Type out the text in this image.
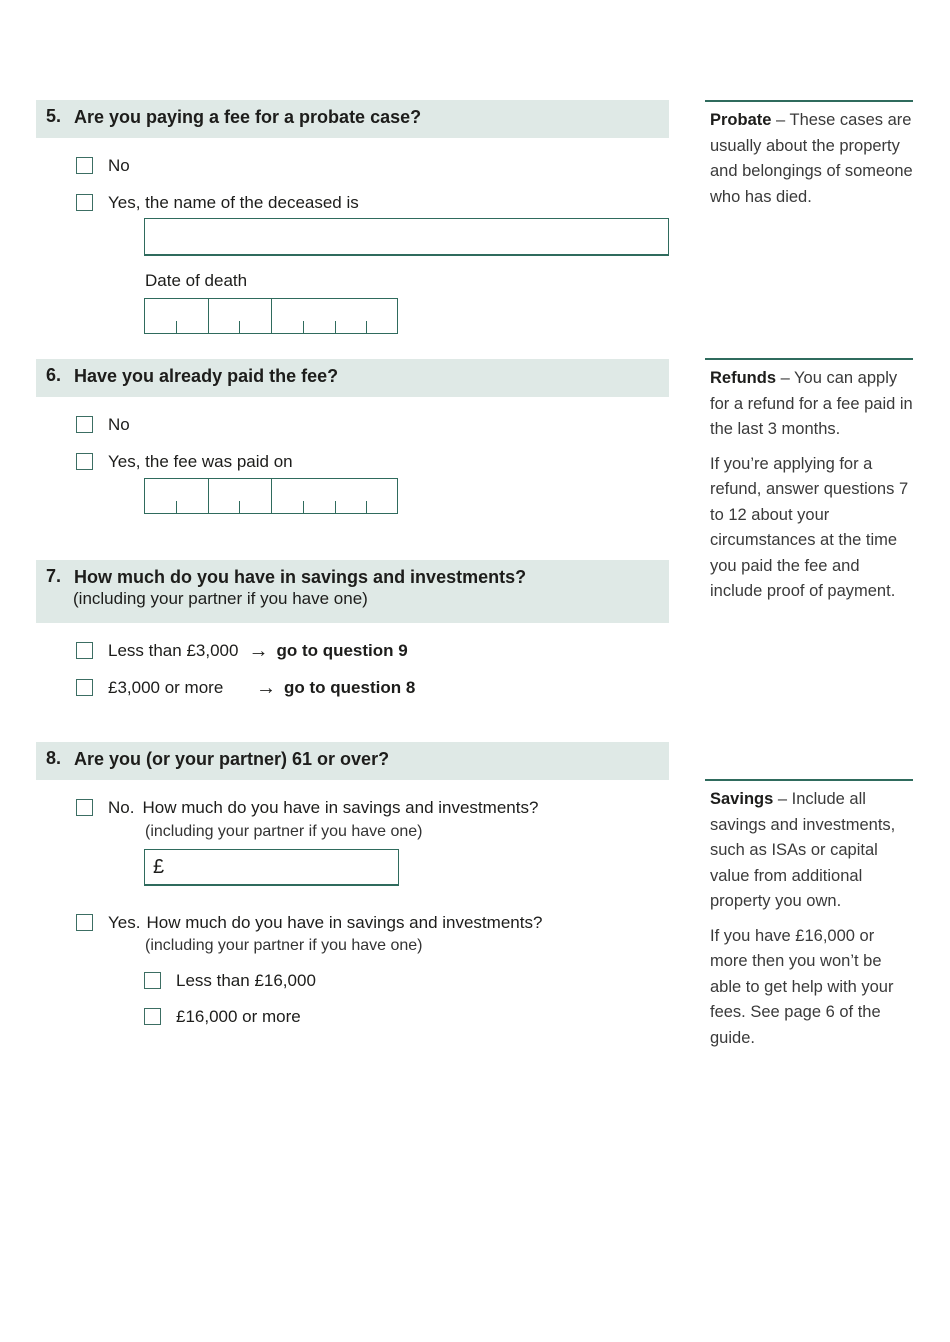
5. Are you paying a fee for a probate case?
No
Yes, the name of the deceased is
Date of death
6. Have you already paid the fee?
No
Yes, the fee was paid on
7. How much do you have in savings and investments?
(including your partner if you have one)
Less than £3,000 → go to question 9
£3,000 or more	→ go to question 8
8. Are you (or your partner) 61 or over?
No. How much do you have in savings and investments?
(including your partner if you have one)
£
Yes. How much do you have in savings and investments?
(including your partner if you have one)
Less than £16,000
£16,000 or more

Probate – These cases are usually about the property and belongings of someone who has died.

Refunds – You can apply for a refund for a fee paid in the last 3 months.

If you’re applying for a refund, answer questions 7 to 12 about your circumstances at the time you paid the fee and include proof of payment.

Savings – Include all savings and investments, such as ISAs or capital value from additional property you own.

If you have £16,000 or more then you won’t be able to get help with your fees. See page 6 of the guide.
